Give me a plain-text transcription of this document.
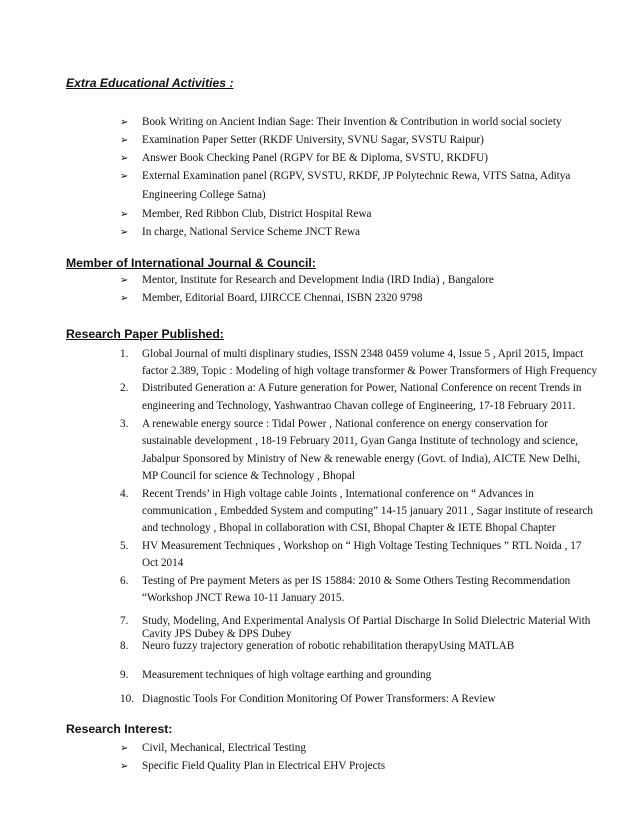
Extra Educational Activities :
➢ Book Writing on Ancient Indian Sage: Their Invention & Contribution in world social society
➢ Examination Paper Setter (RKDF University, SVNU Sagar, SVSTU Raipur)
➢ Answer Book Checking Panel (RGPV for BE & Diploma, SVSTU, RKDFU)
➢ External Examination panel (RGPV, SVSTU, RKDF, JP Polytechnic Rewa, VITS Satna, Aditya
Engineering College Satna)
➢ Member, Red Ribbon Club, District Hospital Rewa
➢ In charge, National Service Scheme JNCT Rewa
Member of International Journal & Council:
➢ Mentor, Institute for Research and Development India (IRD India) , Bangalore
➢ Member, Editorial Board, IJIRCCE Chennai, ISBN 2320 9798
Research Paper Published:
1. Global Journal of multi displinary studies, ISSN 2348 0459 volume 4, Issue 5 , April 2015, Impact
factor 2.389, Topic : Modeling of high voltage transformer & Power Transformers of High Frequency
2. Distributed Generation a: A Future generation for Power, National Conference on recent Trends in
engineering and Technology, Yashwantrao Chavan college of Engineering, 17-18 February 2011.
3. A renewable energy source : Tidal Power , National conference on energy conservation for
sustainable development , 18-19 February 2011, Gyan Ganga Institute of technology and science,
Jabalpur Sponsored by Ministry of New & renewable energy (Govt. of India), AICTE New Delhi,
MP Council for science & Technology , Bhopal
4. Recent Trends’ in High voltage cable Joints , International conference on “ Advances in
communication , Embedded System and computing” 14-15 january 2011 , Sagar institute of research
and technology , Bhopal in collaboration with CSI, Bhopal Chapter & IETE Bhopal Chapter
5. HV Measurement Techniques , Workshop on “ High Voltage Testing Techniques ” RTL Noida , 17
Oct 2014
6. Testing of Pre payment Meters as per IS 15884: 2010 & Some Others Testing Recommendation
“Workshop JNCT Rewa 10-11 January 2015.
7. Study, Modeling, And Experimental Analysis Of Partial Discharge In Solid Dielectric Material With
Cavity JPS Dubey & DPS Dubey
8. Neuro fuzzy trajectory generation of robotic rehabilitation therapyUsing MATLAB
9. Measurement techniques of high voltage earthing and grounding
10. Diagnostic Tools For Condition Monitoring Of Power Transformers: A Review
Research Interest:
➢ Civil, Mechanical, Electrical Testing
➢ Specific Field Quality Plan in Electrical EHV Projects
